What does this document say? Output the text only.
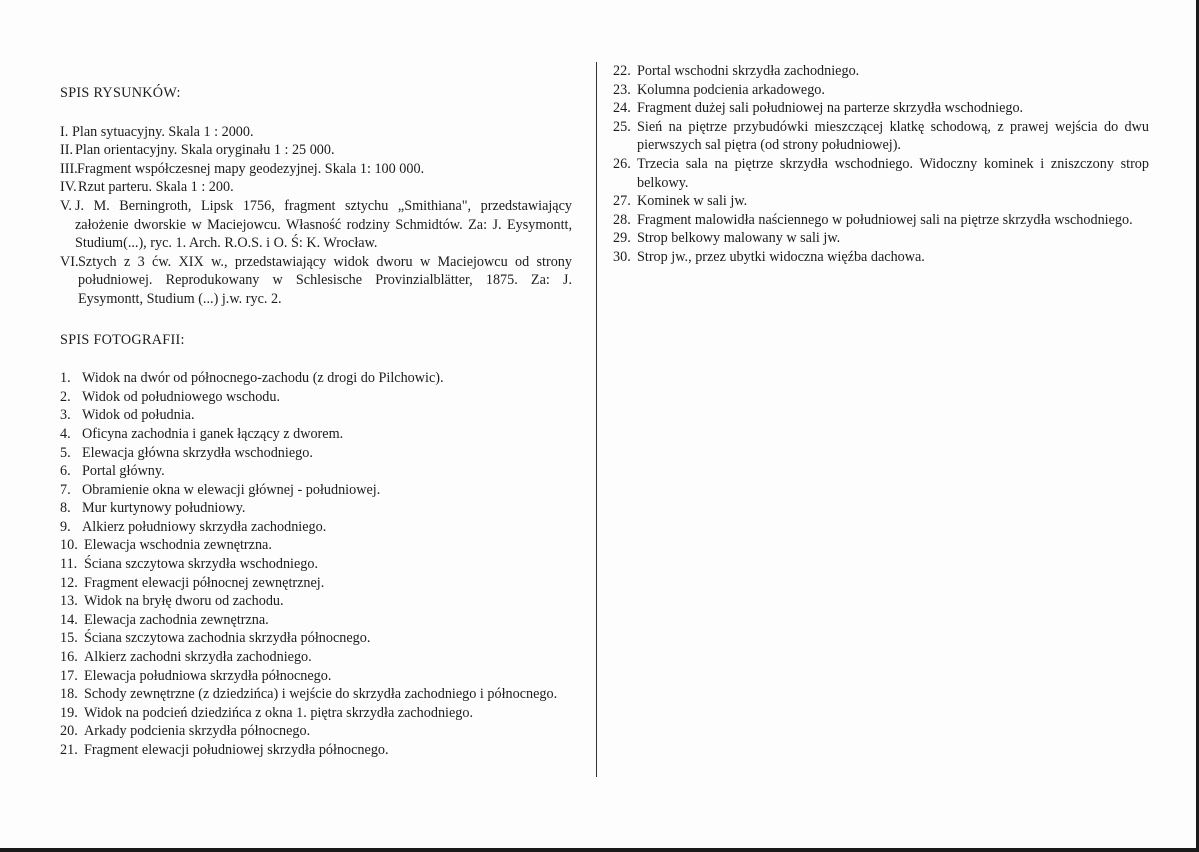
SPIS RYSUNKÓW:

I. Plan sytuacyjny. Skala 1 : 2000.
II. Plan orientacyjny. Skala oryginału 1 : 25 000.
III. Fragment współczesnej mapy geodezyjnej. Skala 1: 100 000.
IV. Rzut parteru. Skala 1 : 200.
V. J. M. Berningroth, Lipsk 1756, fragment sztychu „Smithiana", przedstawiający założenie dworskie w Maciejowcu. Własność rodziny Schmidtów. Za: J. Eysymontt, Studium(...), ryc. 1. Arch. R.O.S. i O. Ś: K. Wrocław.
VI. Sztych z 3 ćw. XIX w., przedstawiający widok dworu w Maciejowcu od strony południowej. Reprodukowany w Schlesische Provinzialblätter, 1875. Za: J. Eysymontt, Studium (...) j.w. ryc. 2.

SPIS FOTOGRAFII:

1. Widok na dwór od północnego-zachodu (z drogi do Pilchowic).
2. Widok od południowego wschodu.
3. Widok od południa.
4. Oficyna zachodnia i ganek łączący z dworem.
5. Elewacja główna skrzydła wschodniego.
6. Portal główny.
7. Obramienie okna w elewacji głównej - południowej.
8. Mur kurtynowy południowy.
9. Alkierz południowy skrzydła zachodniego.
10. Elewacja wschodnia zewnętrzna.
11. Ściana szczytowa skrzydła wschodniego.
12. Fragment elewacji północnej zewnętrznej.
13. Widok na bryłę dworu od zachodu.
14. Elewacja zachodnia zewnętrzna.
15. Ściana szczytowa zachodnia skrzydła północnego.
16. Alkierz zachodni skrzydła zachodniego.
17. Elewacja południowa skrzydła północnego.
18. Schody zewnętrzne (z dziedzińca) i wejście do skrzydła zachodniego i północnego.
19. Widok na podcień dziedzińca z okna 1. piętra skrzydła zachodniego.
20. Arkady podcienia skrzydła północnego.
21. Fragment elewacji południowej skrzydła północnego.
22. Portal wschodni skrzydła zachodniego.
23. Kolumna podcienia arkadowego.
24. Fragment dużej sali południowej na parterze skrzydła wschodniego.
25. Sień na piętrze przybudówki mieszczącej klatkę schodową, z prawej wejścia do dwu pierwszych sal piętra (od strony południowej).
26. Trzecia sala na piętrze skrzydła wschodniego. Widoczny kominek i zniszczony strop belkowy.
27. Kominek w sali jw.
28. Fragment malowidła naściennego w południowej sali na piętrze skrzydła wschodniego.
29. Strop belkowy malowany w sali jw.
30. Strop jw., przez ubytki widoczna więźba dachowa.
